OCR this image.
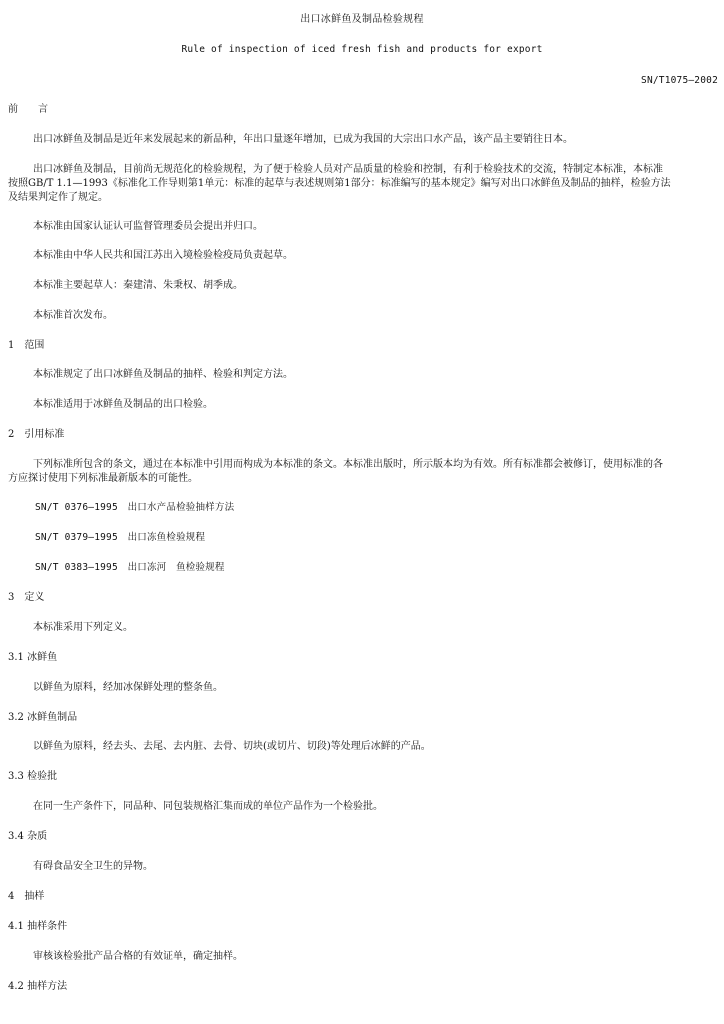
出口冰鲜鱼及制品检验规程
Rule of inspection of iced fresh fish and products for export
SN/T1075—2002
前　　言
出口冰鲜鱼及制品是近年来发展起来的新品种，年出口量逐年增加，已成为我国的大宗出口水产品，该产品主要销往日本。
出口冰鲜鱼及制品，目前尚无规范化的检验规程，为了便于检验人员对产品质量的检验和控制，有利于检验技术的交流，特制定本标准，本标准
按照GB/T 1.1—1993《标准化工作导则第1单元：标准的起草与表述规则第1部分：标准编写的基本规定》编写对出口冰鲜鱼及制品的抽样，检验方法
及结果判定作了规定。
本标准由国家认证认可监督管理委员会提出并归口。
本标准由中华人民共和国江苏出入境检验检疫局负责起草。
本标准主要起草人：秦建清、朱秉权、胡季成。
本标准首次发布。
1　范围
本标准规定了出口冰鲜鱼及制品的抽样、检验和判定方法。
本标准适用于冰鲜鱼及制品的出口检验。
2　引用标准
下列标准所包含的条文，通过在本标准中引用而构成为本标准的条文。本标准出版时，所示版本均为有效。所有标准都会被修订，使用标准的各
方应探讨使用下列标准最新版本的可能性。
SN/T 0376—1995　出口水产品检验抽样方法
SN/T 0379—1995　出口冻鱼检验规程
SN/T 0383—1995　出口冻河　鱼检验规程
3　定义
本标准采用下列定义。
3.1 冰鲜鱼
以鲜鱼为原料，经加冰保鲜处理的整条鱼。
3.2 冰鲜鱼制品
以鲜鱼为原料，经去头、去尾、去内脏、去骨、切块(或切片、切段)等处理后冰鲜的产品。
3.3 检验批
在同一生产条件下，同品种、同包装规格汇集而成的单位产品作为一个检验批。
3.4 杂质
有碍食品安全卫生的异物。
4　抽样
4.1 抽样条件
审核该检验批产品合格的有效证单，确定抽样。
4.2 抽样方法
